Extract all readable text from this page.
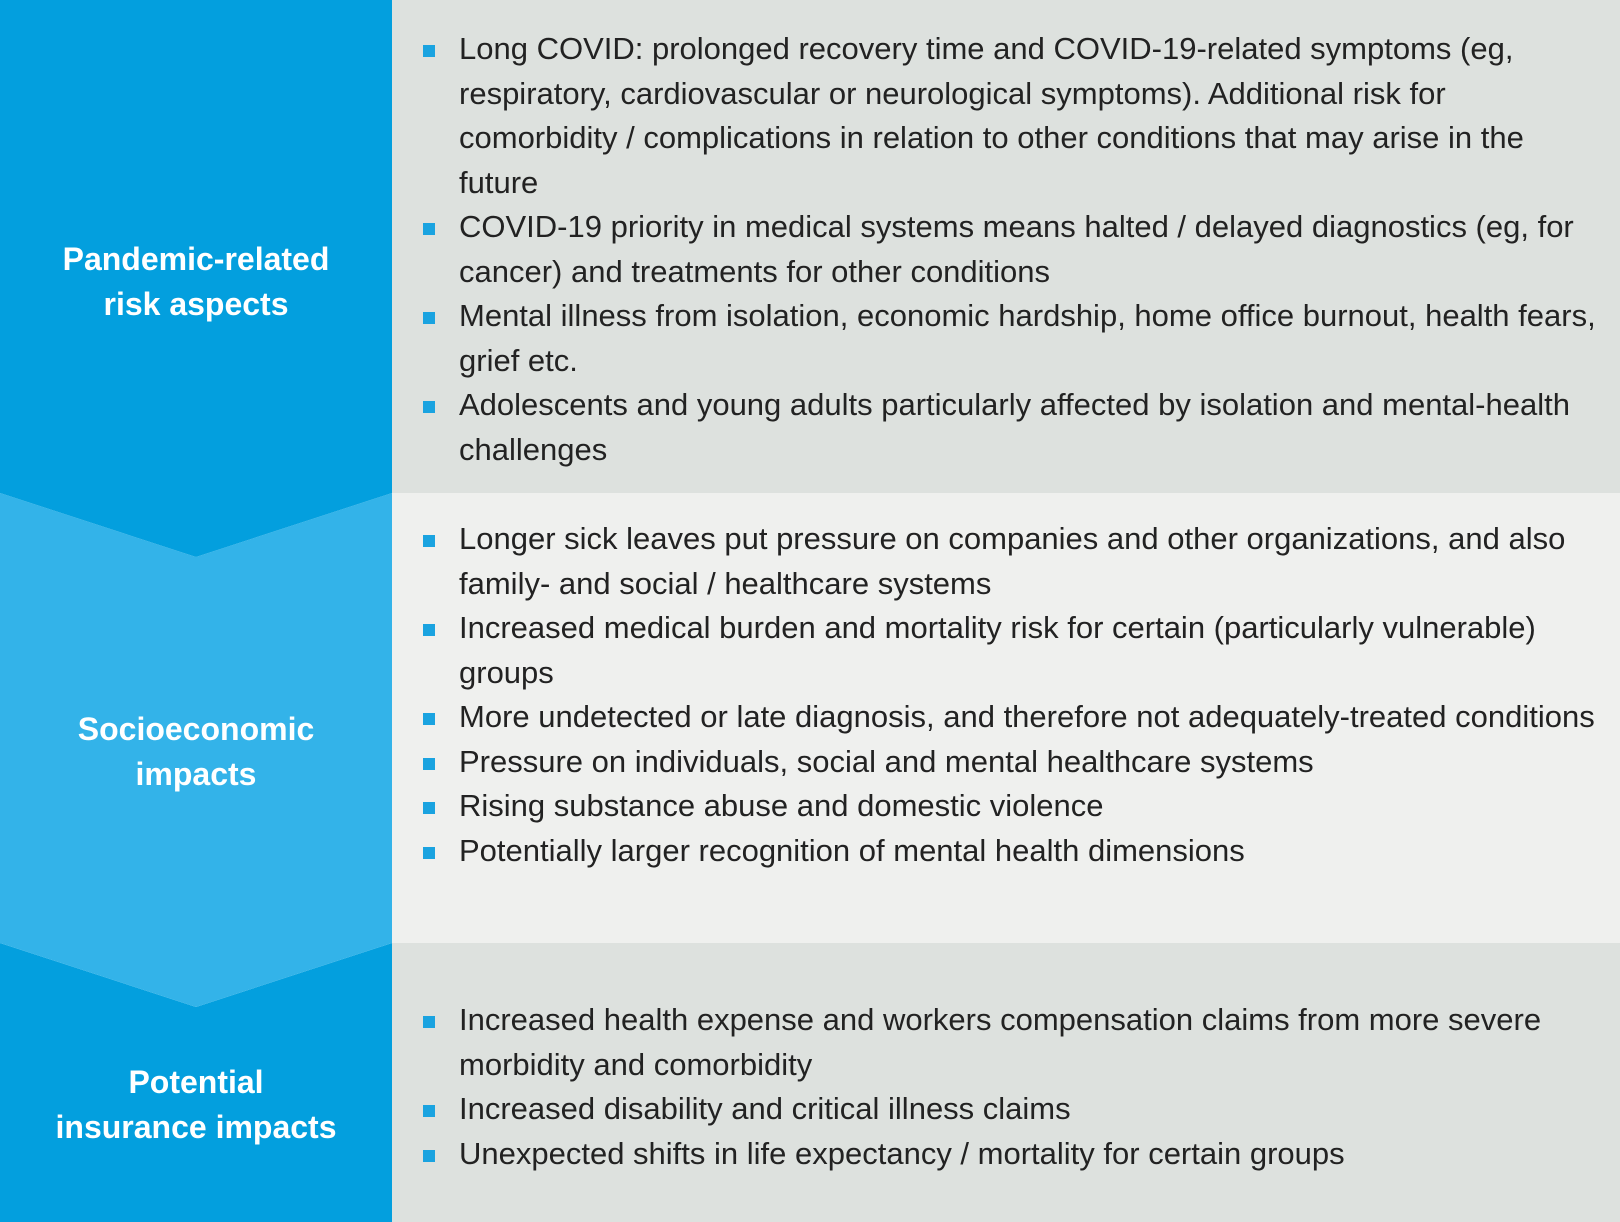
Long COVID: prolonged recovery time and COVID-19-related symptoms (eg, respiratory, cardiovascular or neurological symptoms). Additional risk for comorbidity / complications in relation to other conditions that may arise in the future
COVID-19 priority in medical systems means halted / delayed diagnostics (eg, for cancer) and treatments for other conditions
Mental illness from isolation, economic hardship, home office burnout, health fears, grief etc.
Adolescents and young adults particularly affected by isolation and mental-health challenges
Longer sick leaves put pressure on companies and other organizations, and also family- and social / healthcare systems
Increased medical burden and mortality risk for certain (particularly vulnerable) groups
More undetected or late diagnosis, and therefore not adequately-treated conditions
Pressure on individuals, social and mental healthcare systems
Rising substance abuse and domestic violence
Potentially larger recognition of mental health dimensions
Increased health expense and workers compensation claims from more severe morbidity and comorbidity
Increased disability and critical illness claims
Unexpected shifts in life expectancy / mortality for certain groups
Pandemic-related
risk aspects
Socioeconomic
impacts
Potential
insurance impacts
